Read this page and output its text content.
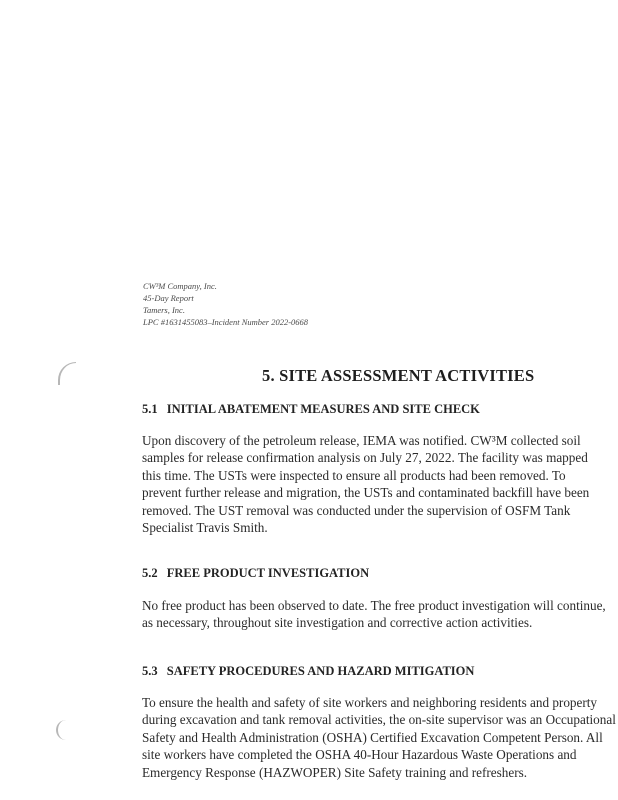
CW³M Company, Inc.
45-Day Report
Tamers, Inc.
LPC #1631455083–Incident Number 2022-0668
5. SITE ASSESSMENT ACTIVITIES
5.1 INITIAL ABATEMENT MEASURES AND SITE CHECK
Upon discovery of the petroleum release, IEMA was notified. CW³M collected soil
samples for release confirmation analysis on July 27, 2022. The facility was mapped
this time. The USTs were inspected to ensure all products had been removed. To
prevent further release and migration, the USTs and contaminated backfill have been
removed. The UST removal was conducted under the supervision of OSFM Tank
Specialist Travis Smith.
5.2 FREE PRODUCT INVESTIGATION
No free product has been observed to date. The free product investigation will continue,
as necessary, throughout site investigation and corrective action activities.
5.3 SAFETY PROCEDURES AND HAZARD MITIGATION
To ensure the health and safety of site workers and neighboring residents and property
during excavation and tank removal activities, the on-site supervisor was an Occupational
Safety and Health Administration (OSHA) Certified Excavation Competent Person. All
site workers have completed the OSHA 40-Hour Hazardous Waste Operations and
Emergency Response (HAZWOPER) Site Safety training and refreshers.
